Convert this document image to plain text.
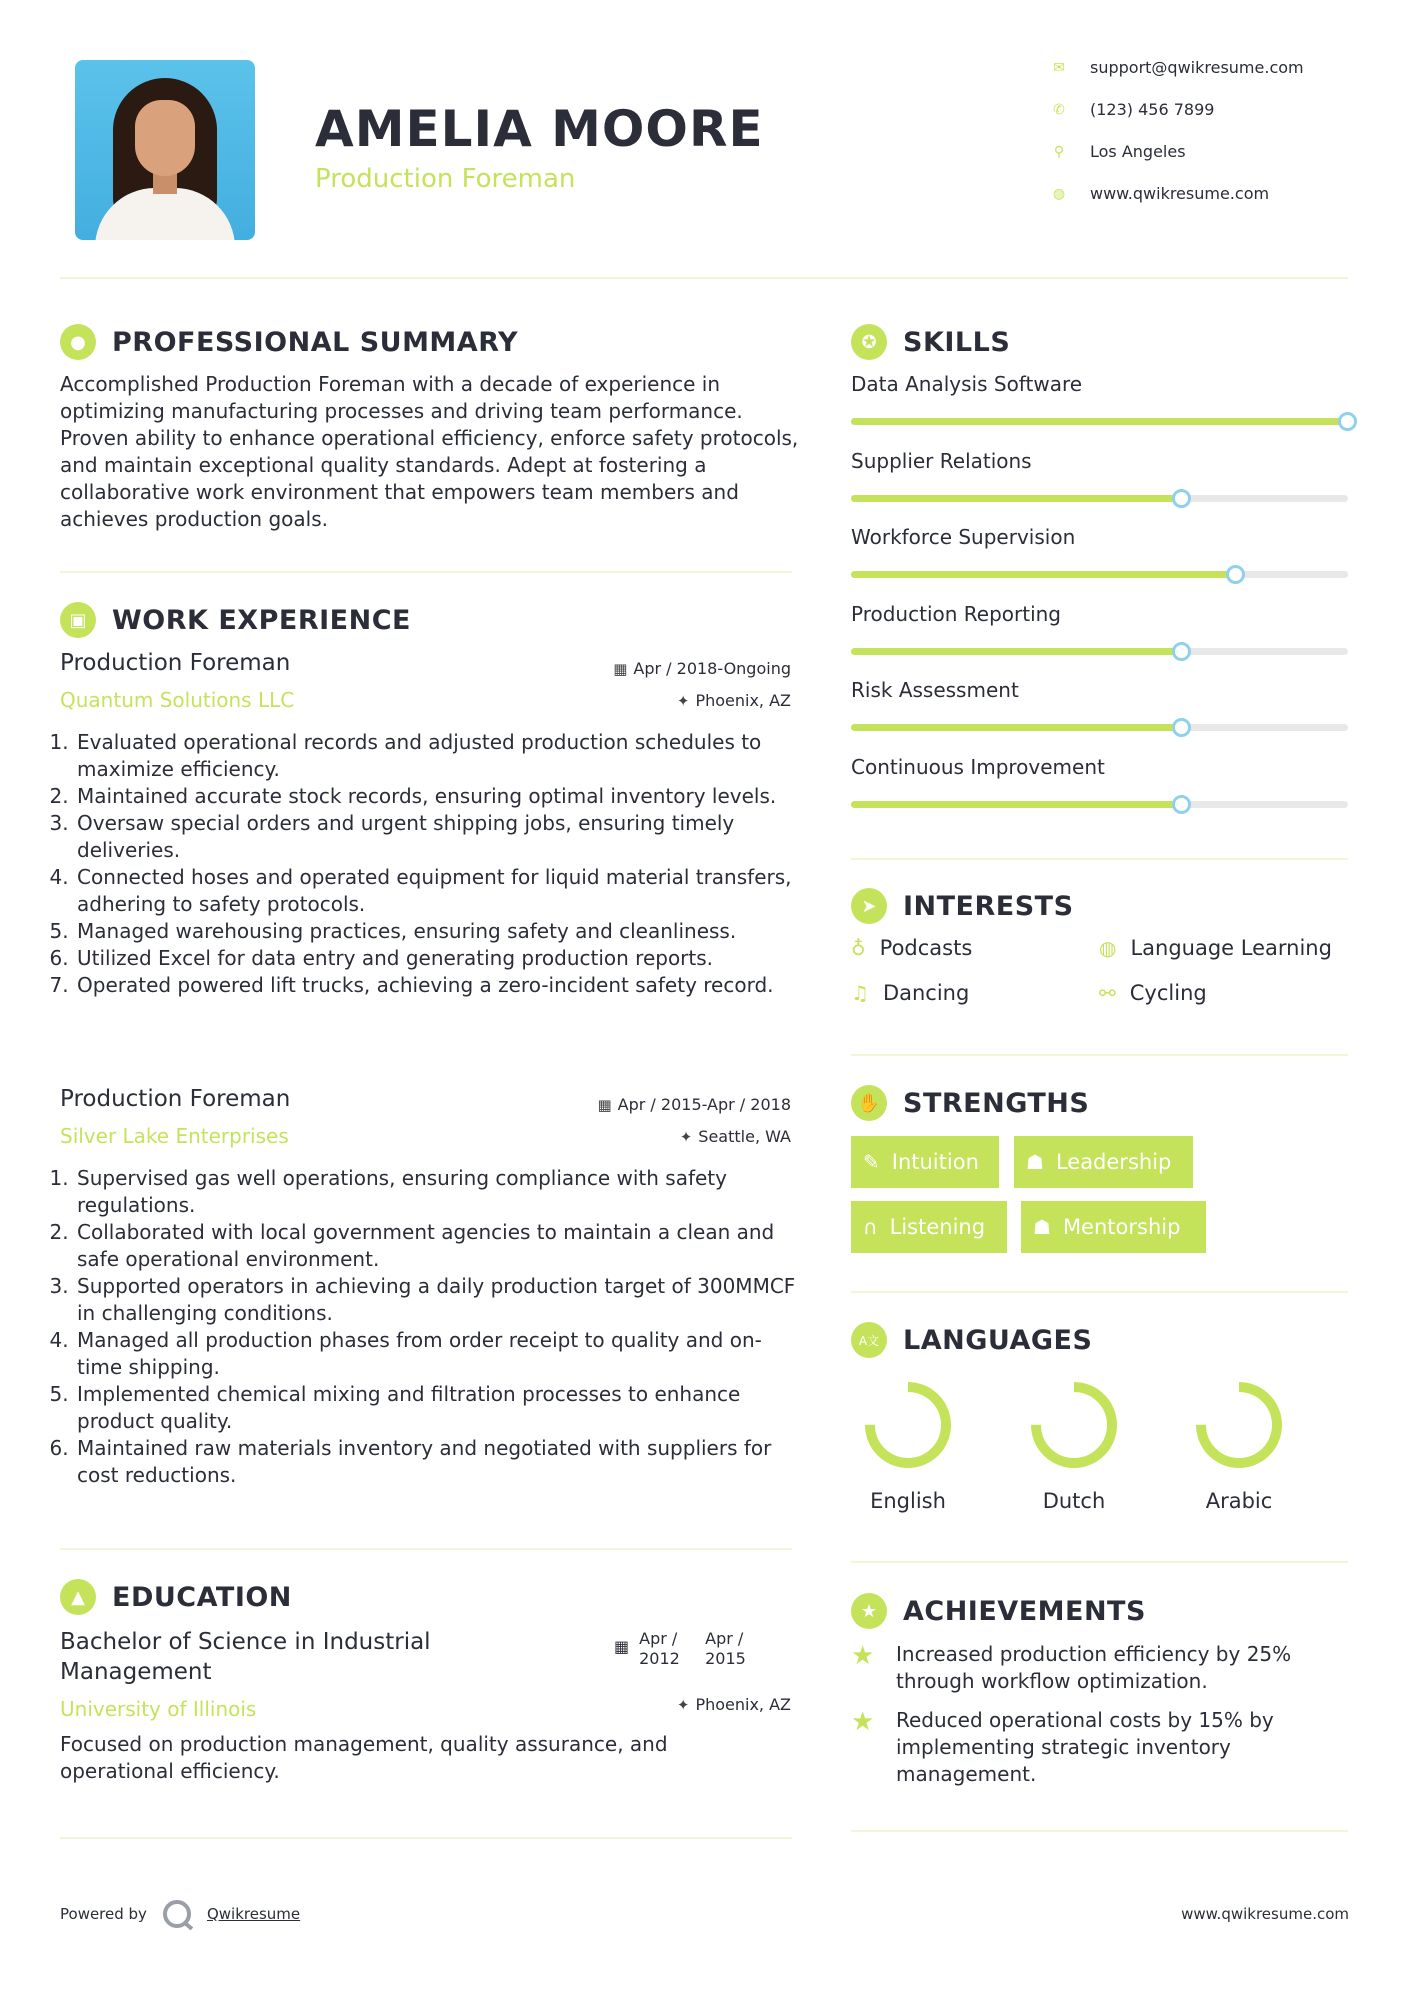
AMELIA MOORE
Production Foreman
✉ support@qwikresume.com
✆ (123) 456 7899
⚲ Los Angeles
◍ www.qwikresume.com
● PROFESSIONAL SUMMARY
Accomplished Production Foreman with a decade of experience in optimizing manufacturing processes and driving team performance. Proven ability to enhance operational efficiency, enforce safety protocols, and maintain exceptional quality standards. Adept at fostering a collaborative work environment that empowers team members and achieves production goals.
▣ WORK EXPERIENCE
Production Foreman
Quantum Solutions LLC
▦ Apr / 2018-Ongoing
✦ Phoenix, AZ
1. Evaluated operational records and adjusted production schedules to maximize efficiency.
2. Maintained accurate stock records, ensuring optimal inventory levels.
3. Oversaw special orders and urgent shipping jobs, ensuring timely deliveries.
4. Connected hoses and operated equipment for liquid material transfers, adhering to safety protocols.
5. Managed warehousing practices, ensuring safety and cleanliness.
6. Utilized Excel for data entry and generating production reports.
7. Operated powered lift trucks, achieving a zero-incident safety record.
Production Foreman
Silver Lake Enterprises
▦ Apr / 2015-Apr / 2018
✦ Seattle, WA
1. Supervised gas well operations, ensuring compliance with safety regulations.
2. Collaborated with local government agencies to maintain a clean and safe operational environment.
3. Supported operators in achieving a daily production target of 300MMCF in challenging conditions.
4. Managed all production phases from order receipt to quality and on-time shipping.
5. Implemented chemical mixing and filtration processes to enhance product quality.
6. Maintained raw materials inventory and negotiated with suppliers for cost reductions.
▲	EDUCATION
Bachelor of Science in Industrial Management
University of Illinois
▦ Apr / 2012
Apr / 2015
✦ Phoenix, AZ
Focused on production management, quality assurance, and operational efficiency.
✪ SKILLS
Data Analysis Software
Supplier Relations
Workforce Supervision
Production Reporting
Risk Assessment
Continuous Improvement
➤ INTERESTS
♁ Podcasts	◍ Language Learning
♫ Dancing	⚯ Cycling
✋ STRENGTHS
✎ Intuition ☗ Leadership
∩ Listening ☗ Mentorship
A文 LANGUAGES
English	Dutch	Arabic
★ ACHIEVEMENTS
★	Increased production efficiency by 25% through workflow optimization.
★	Reduced operational costs by 15% by implementing strategic inventory management.
Powered by	Qwikresume	www.qwikresume.com
